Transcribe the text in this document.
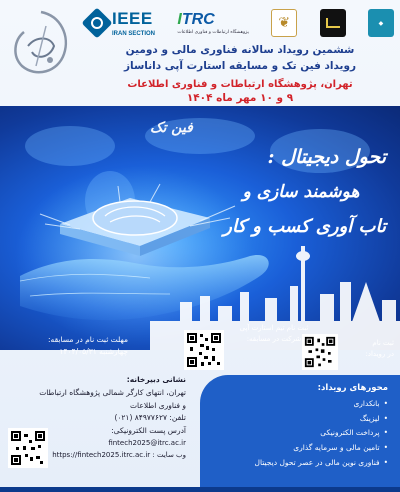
IEEE
IRAN SECTION
ITRC
پژوهشگاه ارتباطات و فناوری اطلاعات
❦	◆
ششمین رویداد سالانه فناوری مالی و دومین
رویداد فین تک و مسابقه استارت آپی داناساز
تهران، پژوهشگاه ارتباطات و فناوری اطلاعات
۹ و ۱۰ مهر ماه ۱۴۰۴
فین تک
تحول دیجیتال :
هوشمند سازی و
تاب آوری کسب و کار
مهلت ثبت نام در مسابقه:
چهارشنبه ۱۴۰۴/۰۵/۳۱
ثبت نام تیم استارت آپی
شرکت در مسابقه:
ثبت نام
در رویداد:
نشانی دبیرخانه:
تهران، انتهای کارگر شمالی پژوهشگاه ارتباطات
و فناوری اطلاعات
تلفن: ۸۴۹۷۷۶۲۷ (۰۲۱)
آدرس پست الکترونیکی:
fintech2025@itrc.ac.ir
https://fintech2025.itrc.ac.ir : وب سایت
محورهای رویداد:
• بانکداری
• لیزینگ
• پرداخت الکترونیکی
• تامین مالی و سرمایه گذاری
• فناوری نوین مالی در عصر تحول دیجیتال
